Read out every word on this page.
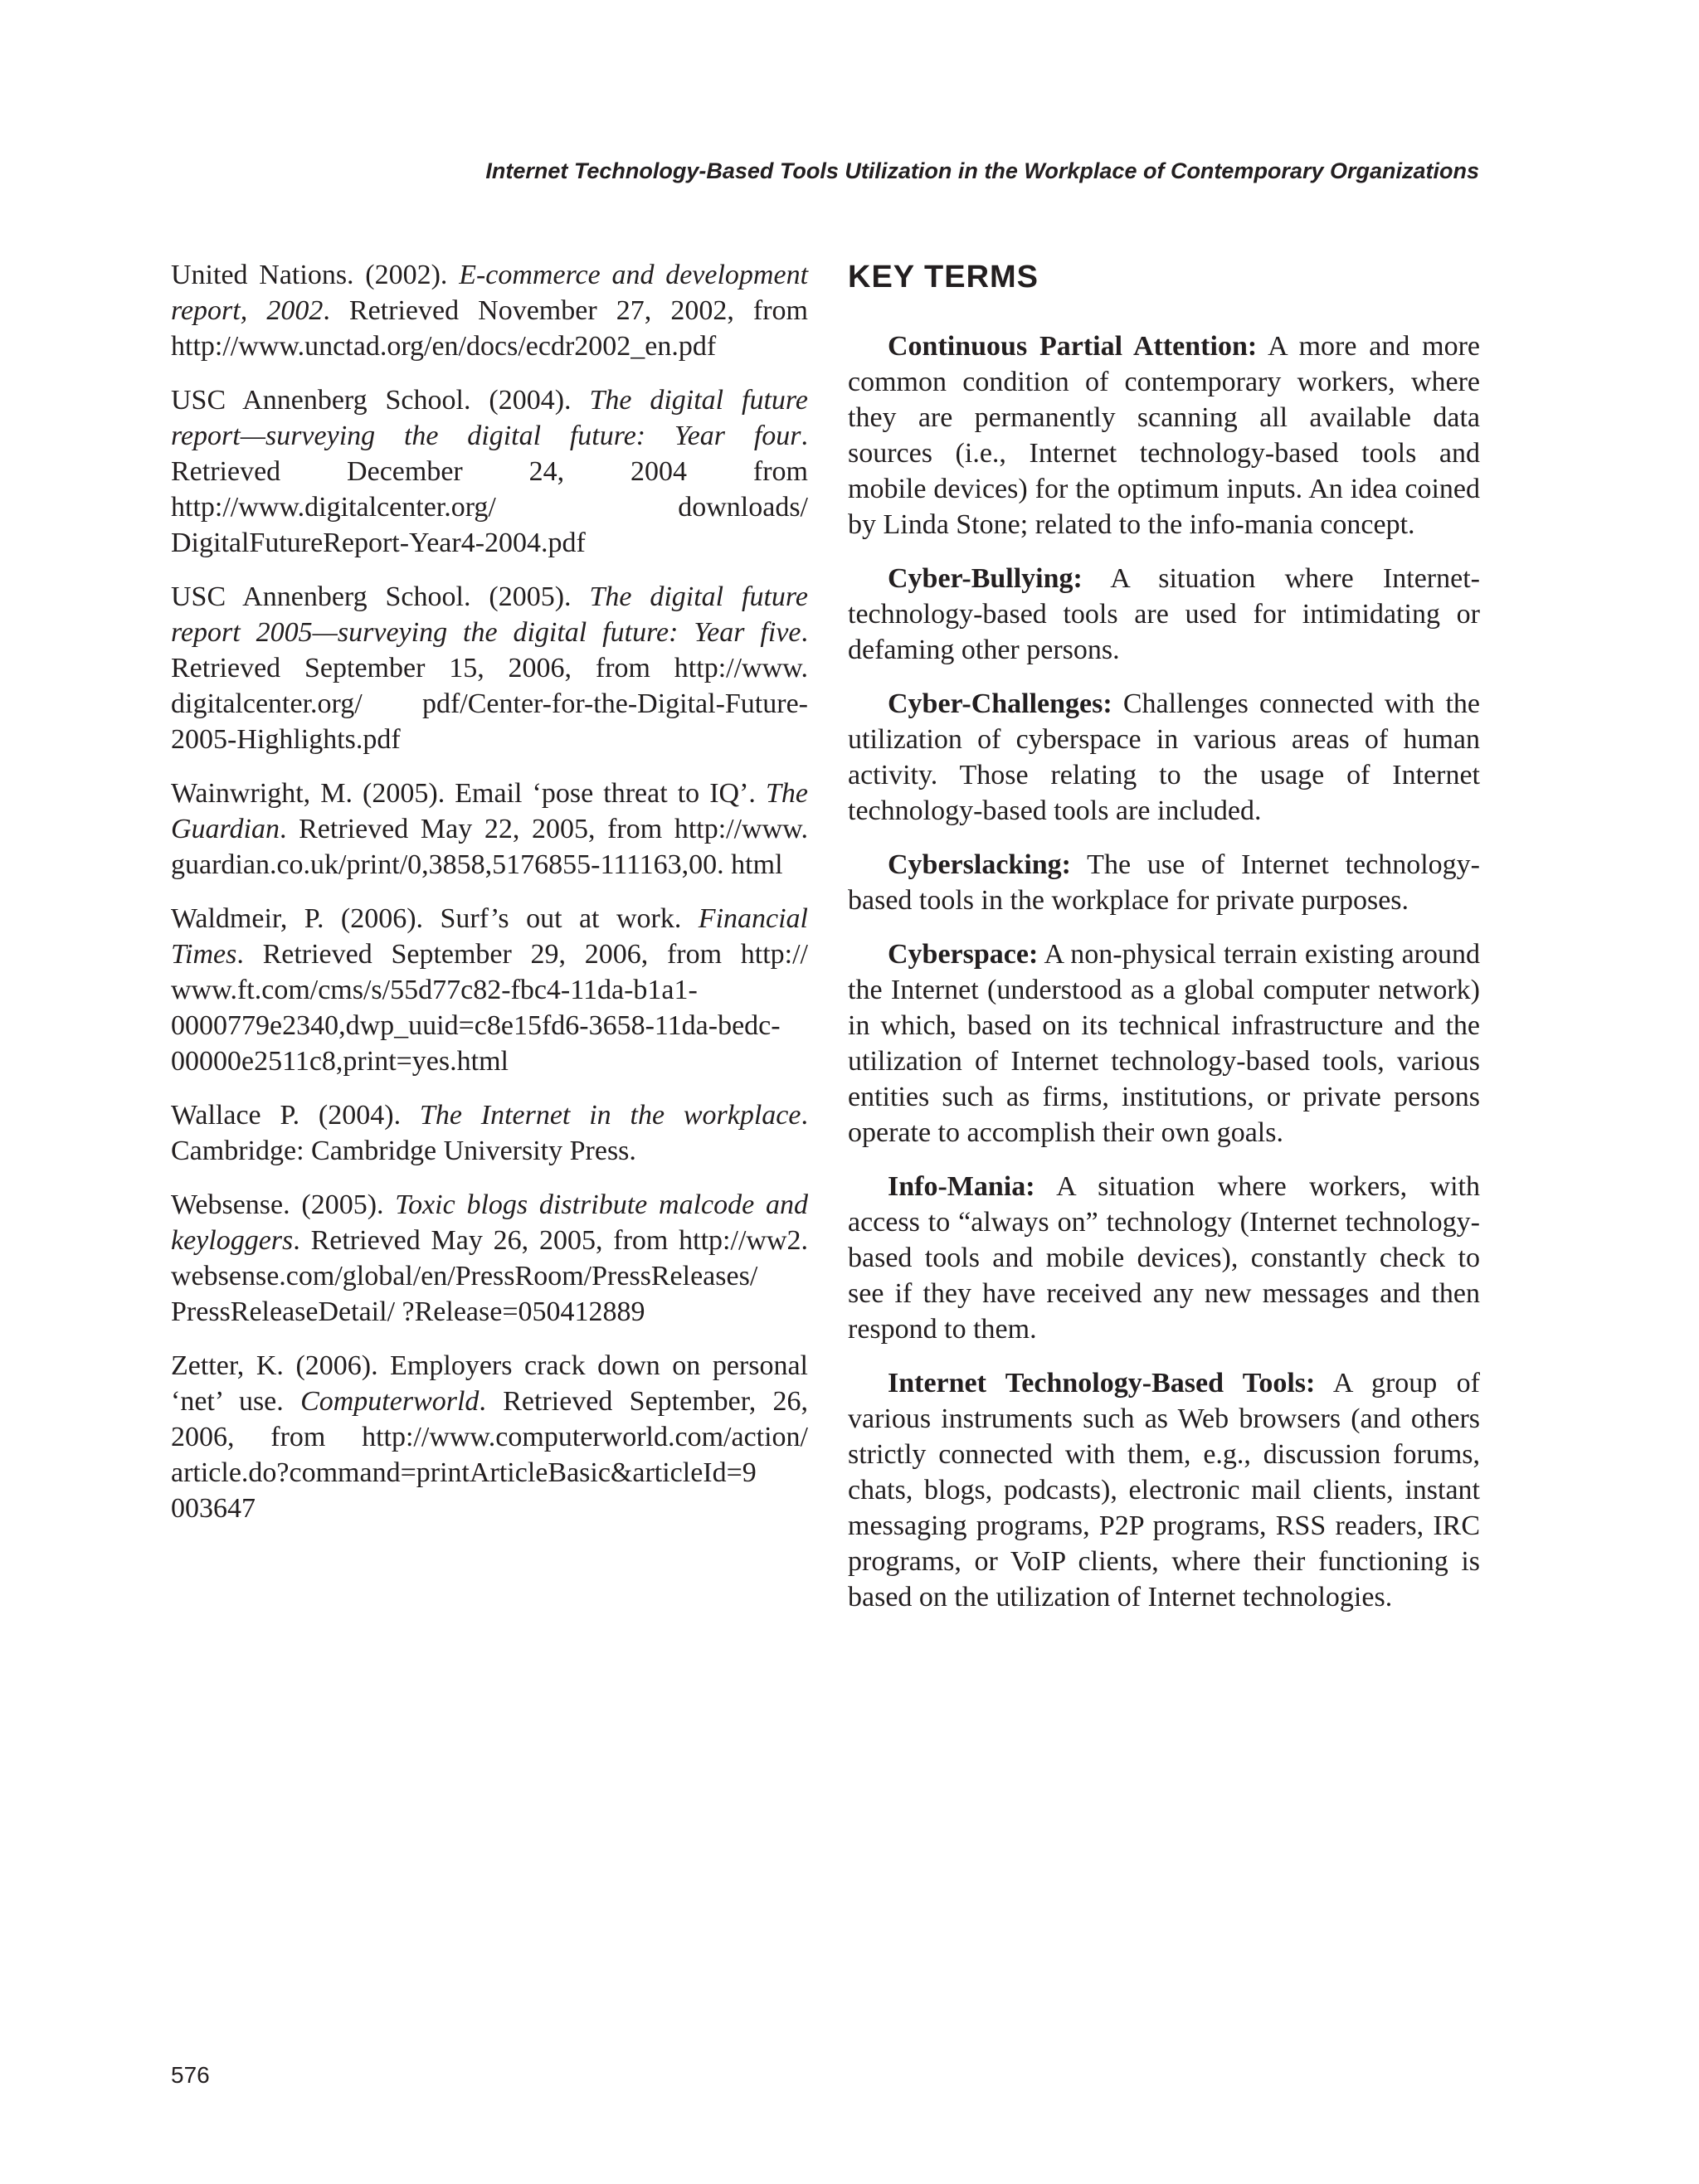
Internet Technology-Based Tools Utilization in the Workplace of Contemporary Organizations

United Nations. (2002). E-commerce and development report, 2002. Retrieved November 27, 2002, from http://www.unctad.org/en/docs/ecdr2002_en.pdf

USC Annenberg School. (2004). The digital future report—surveying the digital future: Year four. Retrieved December 24, 2004 from http://www.digitalcenter.org/ downloads/ DigitalFutureReport-Year4-2004.pdf

USC Annenberg School. (2005). The digital future report 2005—surveying the digital future: Year five. Retrieved September 15, 2006, from http://www. digitalcenter.org/ pdf/Center-for-the-Digital-Future-2005-Highlights.pdf

Wainwright, M. (2005). Email ‘pose threat to IQ’. The Guardian. Retrieved May 22, 2005, from http://www. guardian.co.uk/print/0,3858,5176855-111163,00. html

Waldmeir, P. (2006). Surf’s out at work. Financial Times. Retrieved September 29, 2006, from http:// www.ft.com/cms/s/55d77c82-fbc4-11da-b1a1-0000779e2340,dwp_uuid=c8e15fd6-3658-11da-bedc-00000e2511c8,print=yes.html

Wallace P. (2004). The Internet in the workplace. Cambridge: Cambridge University Press.

Websense. (2005). Toxic blogs distribute malcode and keyloggers. Retrieved May 26, 2005, from http://ww2. websense.com/global/en/PressRoom/PressReleases/ PressReleaseDetail/ ?Release=050412889

Zetter, K. (2006). Employers crack down on personal ‘net’ use. Computerworld. Retrieved September, 26, 2006, from http://www.computerworld.com/action/ article.do?command=printArticleBasic&articleId=9 003647

KEY TERMS

Continuous Partial Attention: A more and more common condition of contemporary workers, where they are permanently scanning all available data sources (i.e., Internet technology-based tools and mobile devices) for the optimum inputs. An idea coined by Linda Stone; related to the info-mania concept.

Cyber-Bullying: A situation where Internet-technology-based tools are used for intimidating or defaming other persons.

Cyber-Challenges: Challenges connected with the utilization of cyberspace in various areas of human activity. Those relating to the usage of Internet technology-based tools are included.

Cyberslacking: The use of Internet technology-based tools in the workplace for private purposes.

Cyberspace: A non-physical terrain existing around the Internet (understood as a global computer network) in which, based on its technical infrastructure and the utilization of Internet technology-based tools, various entities such as firms, institutions, or private persons operate to accomplish their own goals.

Info-Mania: A situation where workers, with access to “always on” technology (Internet technology-based tools and mobile devices), constantly check to see if they have received any new messages and then respond to them.

Internet Technology-Based Tools: A group of various instruments such as Web browsers (and others strictly connected with them, e.g., discussion forums, chats, blogs, podcasts), electronic mail clients, instant messaging programs, P2P programs, RSS readers, IRC programs, or VoIP clients, where their functioning is based on the utilization of Internet technologies.

576
